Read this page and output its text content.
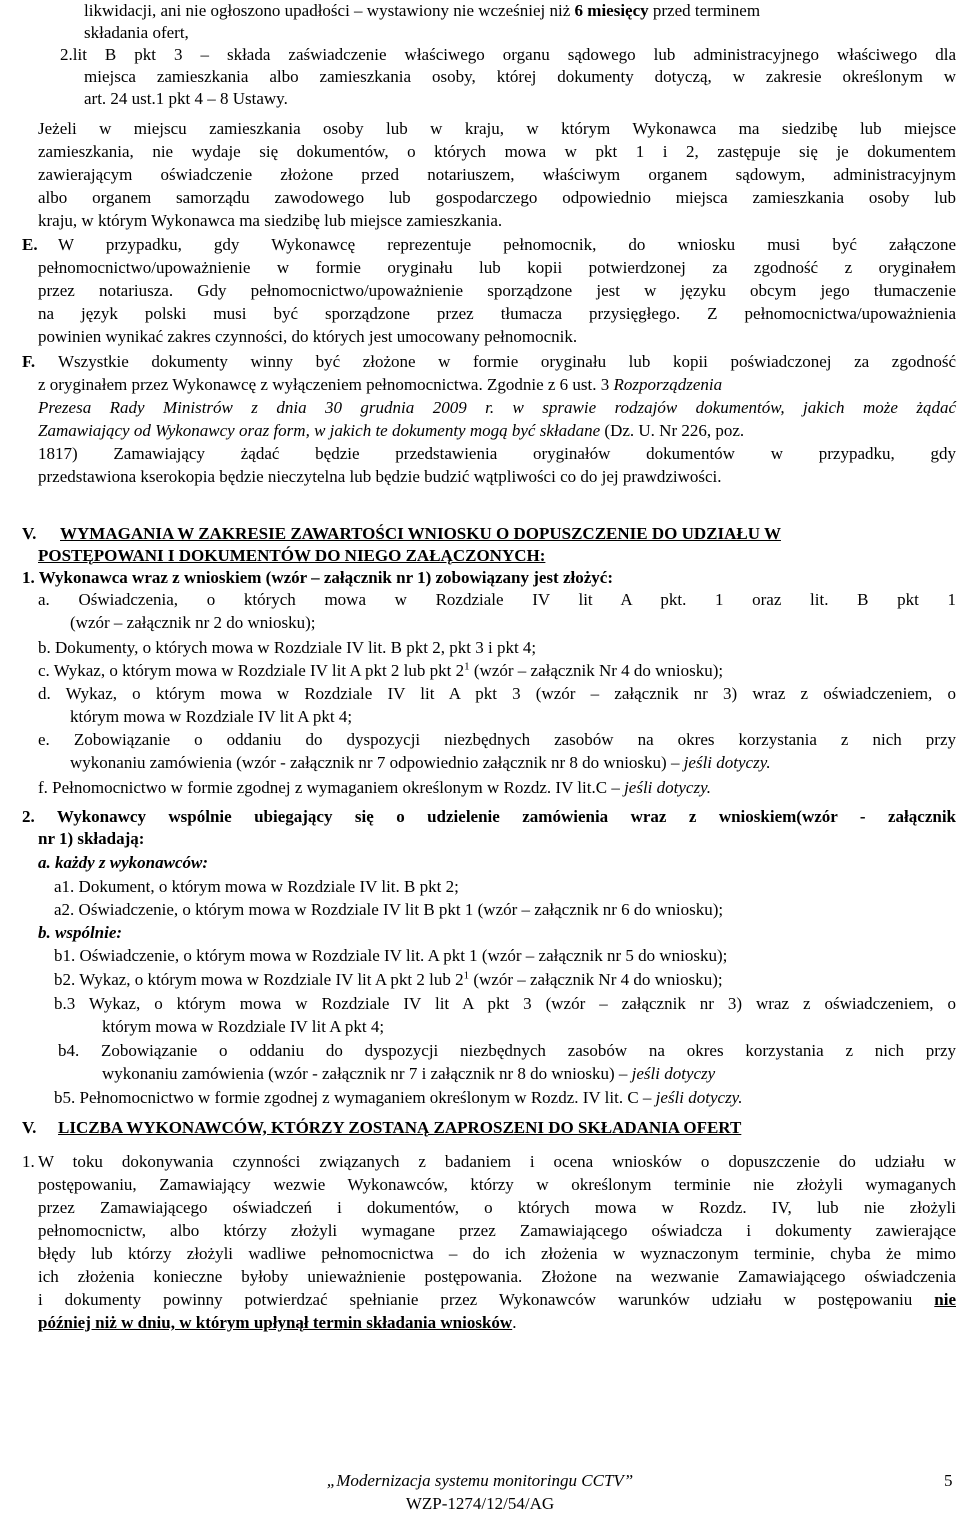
likwidacji, ani nie ogłoszono upadłości – wystawiony nie wcześniej niż 6 miesięcy przed terminem
składania ofert,
2.lit B pkt 3 – składa zaświadczenie właściwego organu sądowego lub administracyjnego właściwego dla
miejsca zamieszkania albo zamieszkania osoby, której dokumenty dotyczą, w zakresie określonym w
art. 24 ust.1 pkt 4 – 8 Ustawy.
Jeżeli w miejscu zamieszkania osoby lub w kraju, w którym Wykonawca ma siedzibę lub miejsce
zamieszkania, nie wydaje się dokumentów, o których mowa w pkt 1 i 2, zastępuje się je dokumentem
zawierającym oświadczenie złożone przed notariuszem, właściwym organem sądowym, administracyjnym
albo organem samorządu zawodowego lub gospodarczego odpowiednio miejsca zamieszkania osoby lub
kraju, w którym Wykonawca ma siedzibę lub miejsce zamieszkania.
E. W przypadku, gdy Wykonawcę reprezentuje pełnomocnik, do wniosku musi być załączone
pełnomocnictwo/upoważnienie w formie oryginału lub kopii potwierdzonej za zgodność z oryginałem
przez notariusza. Gdy pełnomocnictwo/upoważnienie sporządzone jest w języku obcym jego tłumaczenie
na język polski musi być sporządzone przez tłumacza przysięgłego. Z pełnomocnictwa/upoważnienia
powinien wynikać zakres czynności, do których jest umocowany pełnomocnik.
F. Wszystkie dokumenty winny być złożone w formie oryginału lub kopii poświadczonej za zgodność
z oryginałem przez Wykonawcę z wyłączeniem pełnomocnictwa. Zgodnie z 6 ust. 3 Rozporządzenia
Prezesa Rady Ministrów z dnia 30 grudnia 2009 r. w sprawie rodzajów dokumentów, jakich może żądać
Zamawiający od Wykonawcy oraz form, w jakich te dokumenty mogą być składane (Dz. U. Nr 226, poz.
1817) Zamawiający żądać będzie przedstawienia oryginałów dokumentów w przypadku, gdy
przedstawiona kserokopia będzie nieczytelna lub będzie budzić wątpliwości co do jej prawdziwości.
V. WYMAGANIA W ZAKRESIE ZAWARTOŚCI WNIOSKU O DOPUSZCZENIE DO UDZIAŁU W
POSTĘPOWANI I DOKUMENTÓW DO NIEGO ZAŁĄCZONYCH:
1. Wykonawca wraz z wnioskiem (wzór – załącznik nr 1) zobowiązany jest złożyć:
a. Oświadczenia, o których mowa w Rozdziale IV lit A pkt. 1 oraz lit. B pkt 1
(wzór – załącznik nr 2 do wniosku);
b. Dokumenty, o których mowa w Rozdziale IV lit. B pkt 2, pkt 3 i pkt 4;
c. Wykaz, o którym mowa w Rozdziale IV lit A pkt 2 lub pkt $2^1$ (wzór – załącznik Nr 4 do wniosku);
d. Wykaz, o którym mowa w Rozdziale IV lit A pkt 3 (wzór – załącznik nr 3) wraz z oświadczeniem, o
którym mowa w Rozdziale IV lit A pkt 4;
e. Zobowiązanie o oddaniu do dyspozycji niezbędnych zasobów na okres korzystania z nich przy
wykonaniu zamówienia (wzór - załącznik nr 7 odpowiednio załącznik nr 8 do wniosku) – jeśli dotyczy.
f. Pełnomocnictwo w formie zgodnej z wymaganiem określonym w Rozdz. IV lit.C – jeśli dotyczy.
2. Wykonawcy wspólnie ubiegający się o udzielenie zamówienia wraz z wnioskiem(wzór - załącznik
nr 1) składają:
a. każdy z wykonawców:
a1. Dokument, o którym mowa w Rozdziale IV lit. B pkt 2;
a2. Oświadczenie, o którym mowa w Rozdziale IV lit B pkt 1 (wzór – załącznik nr 6 do wniosku);
b. wspólnie:
b1. Oświadczenie, o którym mowa w Rozdziale IV lit. A pkt 1 (wzór – załącznik nr 5 do wniosku);
b2. Wykaz, o którym mowa w Rozdziale IV lit A pkt 2 lub $2^1$ (wzór – załącznik Nr 4 do wniosku);
b.3 Wykaz, o którym mowa w Rozdziale IV lit A pkt 3 (wzór – załącznik nr 3) wraz z oświadczeniem, o
którym mowa w Rozdziale IV lit A pkt 4;
b4. Zobowiązanie o oddaniu do dyspozycji niezbędnych zasobów na okres korzystania z nich przy
wykonaniu zamówienia (wzór - załącznik nr 7 i załącznik nr 8 do wniosku) – jeśli dotyczy
b5. Pełnomocnictwo w formie zgodnej z wymaganiem określonym w Rozdz. IV lit. C – jeśli dotyczy.
V. LICZBA WYKONAWCÓW, KTÓRZY ZOSTANĄ ZAPROSZENI DO SKŁADANIA OFERT
1. W toku dokonywania czynności związanych z badaniem i ocena wniosków o dopuszczenie do udziału w
postępowaniu, Zamawiający wezwie Wykonawców, którzy w określonym terminie nie złożyli wymaganych
przez Zamawiającego oświadczeń i dokumentów, o których mowa w Rozdz. IV, lub nie złożyli
pełnomocnictw, albo którzy złożyli wymagane przez Zamawiającego oświadcza i dokumenty zawierające
błędy lub którzy złożyli wadliwe pełnomocnictwa – do ich złożenia w wyznaczonym terminie, chyba że mimo
ich złożenia konieczne byłoby unieważnienie postępowania. Złożone na wezwanie Zamawiającego oświadczenia
i dokumenty powinny potwierdzać spełnianie przez Wykonawców warunków udziału w postępowaniu nie
później niż w dniu, w którym upłynął termin składania wniosków.
„Modernizacja systemu monitoringu CCTV”
WZP-1274/12/54/AG
5
